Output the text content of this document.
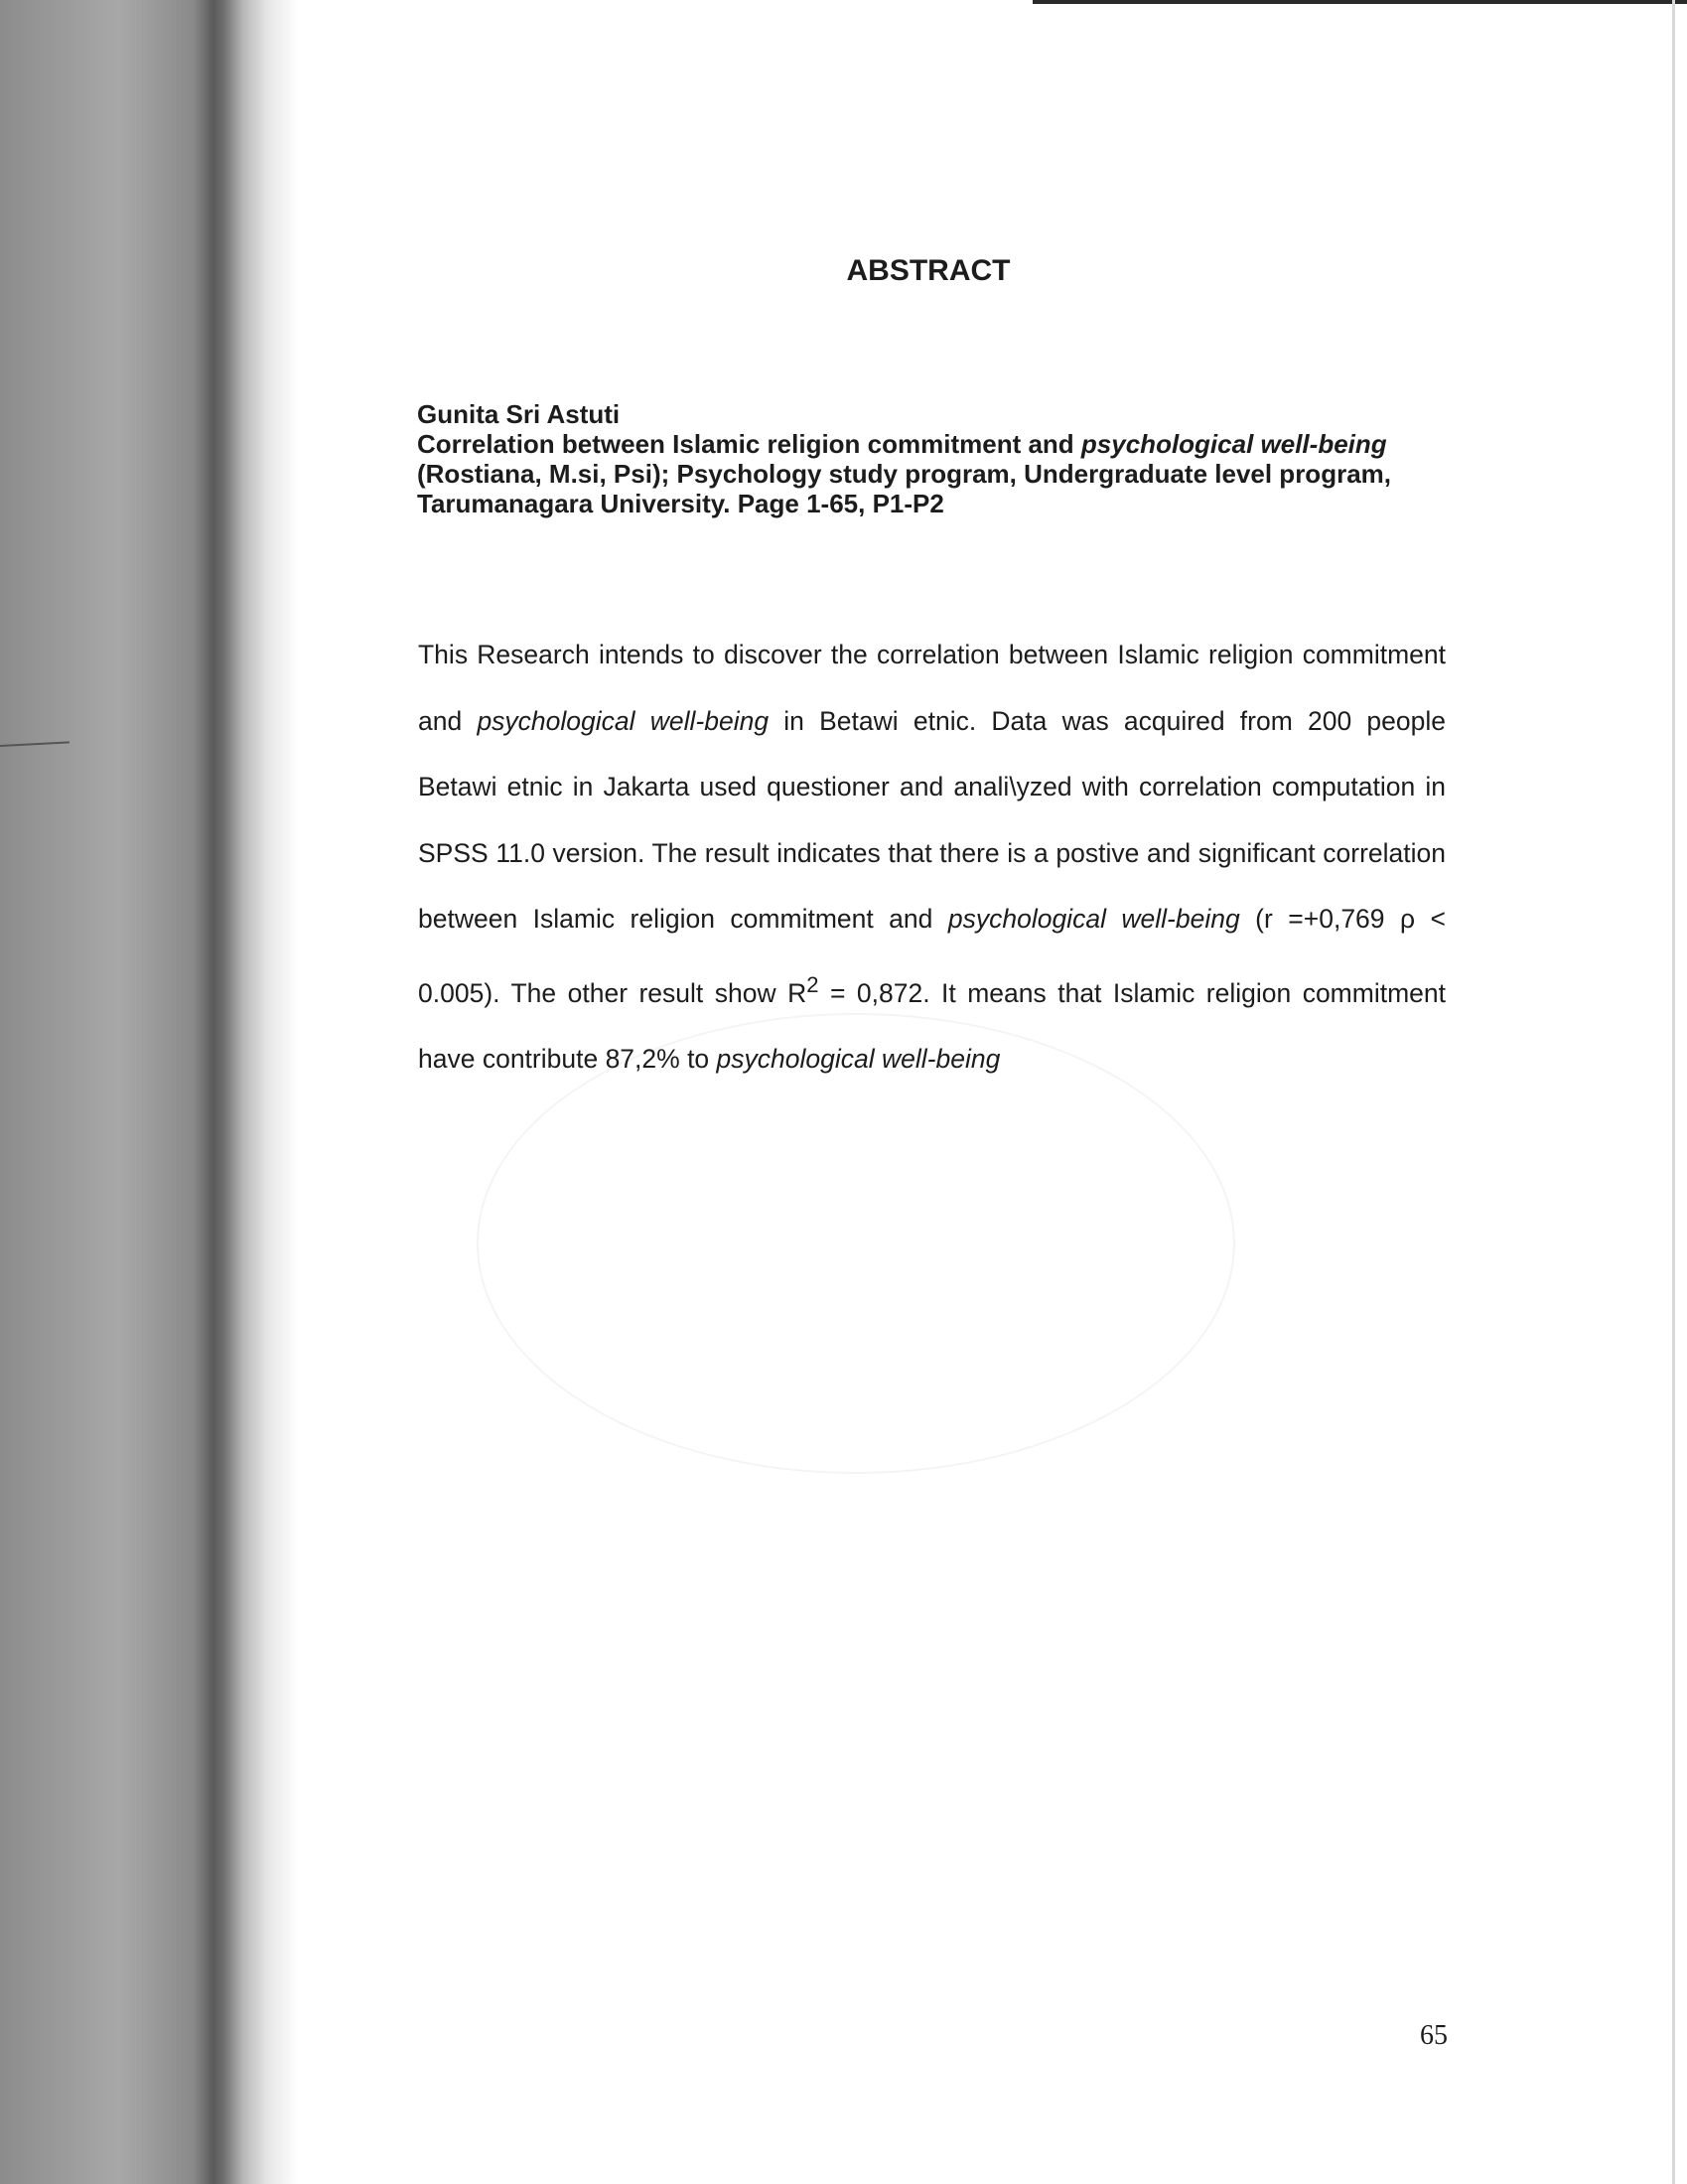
ABSTRACT

Gunita Sri Astuti

Correlation between Islamic religion commitment and psychological well-being (Rostiana, M.si, Psi); Psychology study program, Undergraduate level program, Tarumanagara University. Page 1-65, P1-P2

This Research intends to discover the correlation between Islamic religion commitment and psychological well-being in Betawi etnic. Data was acquired from 200 people Betawi etnic in Jakarta used questioner and anali\yzed with correlation computation in SPSS 11.0 version. The result indicates that there is a postive and significant correlation between Islamic religion commitment and psychological well-being (r =+0,769 ρ < 0.005). The other result show $R^2 = 0,872$. It means that Islamic religion commitment have contribute 87,2% to psychological well-being

65
